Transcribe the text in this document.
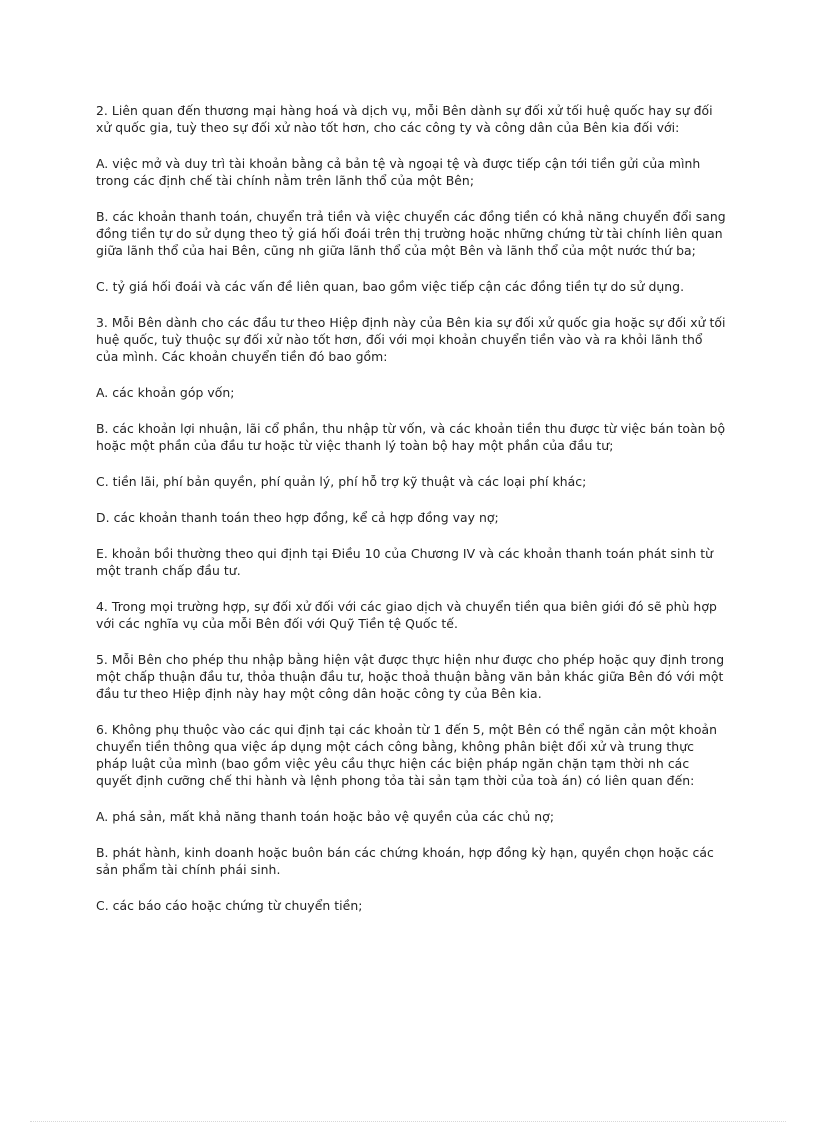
2. Liên quan đến thương mại hàng hoá và dịch vụ, mỗi Bên dành sự đối xử tối huệ quốc hay sự đối xử quốc gia, tuỳ theo sự đối xử nào tốt hơn, cho các công ty và công dân của Bên kia đối với:

A. việc mở và duy trì tài khoản bằng cả bản tệ và ngoại tệ và được tiếp cận tới tiền gửi của mình trong các định chế tài chính nằm trên lãnh thổ của một Bên;

B. các khoản thanh toán, chuyển trả tiền và việc chuyển các đồng tiền có khả năng chuyển đổi sang đồng tiền tự do sử dụng theo tỷ giá hối đoái trên thị trường hoặc những chứng từ tài chính liên quan giữa lãnh thổ của hai Bên, cũng nh giữa lãnh thổ của một Bên và lãnh thổ của một nước thứ ba;

C. tỷ giá hối đoái và các vấn đề liên quan, bao gồm việc tiếp cận các đồng tiền tự do sử dụng.

3. Mỗi Bên dành cho các đầu tư theo Hiệp định này của Bên kia sự đối xử quốc gia hoặc sự đối xử tối huệ quốc, tuỳ thuộc sự đối xử nào tốt hơn, đối với mọi khoản chuyển tiền vào và ra khỏi lãnh thổ của mình. Các khoản chuyển tiền đó bao gồm:

A. các khoản góp vốn;

B. các khoản lợi nhuận, lãi cổ phần, thu nhập từ vốn, và các khoản tiền thu được từ việc bán toàn bộ hoặc một phần của đầu tư hoặc từ việc thanh lý toàn bộ hay một phần của đầu tư;

C. tiền lãi, phí bản quyền, phí quản lý, phí hỗ trợ kỹ thuật và các loại phí khác;

D. các khoản thanh toán theo hợp đồng, kể cả hợp đồng vay nợ;

E. khoản bồi thường theo qui định tại Điều 10 của Chương IV và các khoản thanh toán phát sinh từ một tranh chấp đầu tư.

4. Trong mọi trường hợp, sự đối xử đối với các giao dịch và chuyển tiền qua biên giới đó sẽ phù hợp với các nghĩa vụ của mỗi Bên đối với Quỹ Tiền tệ Quốc tế.

5. Mỗi Bên cho phép thu nhập bằng hiện vật được thực hiện như được cho phép hoặc quy định trong một chấp thuận đầu tư, thỏa thuận đầu tư, hoặc thoả thuận bằng văn bản khác giữa Bên đó với một đầu tư theo Hiệp định này hay một công dân hoặc công ty của Bên kia.

6. Không phụ thuộc vào các qui định tại các khoản từ 1 đến 5, một Bên có thể ngăn cản một khoản chuyển tiền thông qua việc áp dụng một cách công bằng, không phân biệt đối xử và trung thực pháp luật của mình (bao gồm việc yêu cầu thực hiện các biện pháp ngăn chặn tạm thời nh các quyết định cưỡng chế thi hành và lệnh phong tỏa tài sản tạm thời của toà án) có liên quan đến:

A. phá sản, mất khả năng thanh toán hoặc bảo vệ quyền của các chủ nợ;

B. phát hành, kinh doanh hoặc buôn bán các chứng khoán, hợp đồng kỳ hạn, quyền chọn hoặc các sản phẩm tài chính phái sinh.

C. các báo cáo hoặc chứng từ chuyển tiền;
